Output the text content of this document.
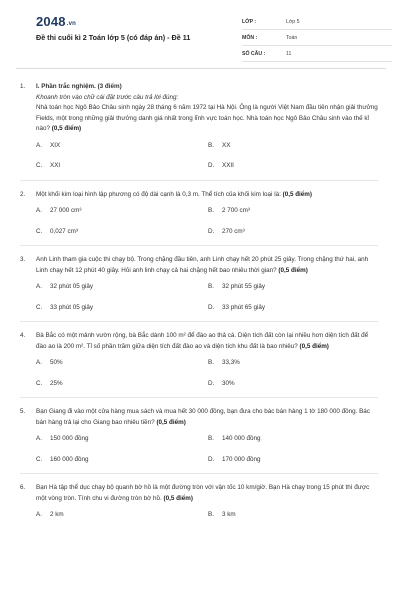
2048.vn
Đề thi cuối kì 2 Toán lớp 5 (có đáp án) - Đề 11
LỚP :	Lớp 5
MÔN :	Toán
SỐ CÂU :	11
1. I. Phần trắc nghiệm. (3 điểm)
Khoanh tròn vào chữ cái đặt trước câu trả lời đúng:
Nhà toán học Ngô Bảo Châu sinh ngày 28 tháng 6 năm 1972 tại Hà Nội. Ông là người Việt Nam đầu tiên nhận giải thưởng Fields, một trong những giải thưởng danh giá nhất trong lĩnh vực toán học. Nhà toán học Ngô Bảo Châu sinh vào thế kỉ nào? (0,5 điểm)
A. XIX	B. XX
C. XXI	D. XXII
2. Một khối kim loại hình lập phương có độ dài cạnh là 0,3 m. Thể tích của khối kim loại là: (0,5 điểm)
A. 27 000 cm³	B. 2 700 cm³
C. 0,027 cm³	D. 270 cm³
3. Anh Linh tham gia cuộc thi chạy bộ. Trong chặng đầu tiên, anh Linh chạy hết 20 phút 25 giây. Trong chặng thứ hai, anh Linh chạy hết 12 phút 40 giây. Hỏi anh linh chạy cả hai chặng hết bao nhiêu thời gian? (0,5 điểm)
A. 32 phút 05 giây	B. 32 phút 55 giây
C. 33 phút 05 giây	D. 33 phút 65 giây
4. Bà Bắc có một mảnh vườn rộng, bà Bắc dành 100 m² để đào ao thả cá. Diện tích đất còn lại nhiều hơn diện tích đất để đào ao là 200 m². Tỉ số phần trăm giữa diện tích đất đào ao và diện tích khu đất là bao nhiêu? (0,5 điểm)
A. 50%	B. 33,3%
C. 25%	D. 30%
5. Bạn Giang đi vào một cửa hàng mua sách và mua hết 30 000 đồng, bạn đưa cho bác bán hàng 1 tờ 180 000 đồng. Bác bán hàng trả lại cho Giang bao nhiêu tiền? (0,5 điểm)
A. 150 000 đồng	B. 140 000 đồng
C. 160 000 đồng	D. 170 000 đồng
6. Bạn Hà tập thể dục chạy bộ quanh bờ hồ là một đường tròn với vận tốc 10 km/giờ. Bạn Hà chạy trong 15 phút thì được một vòng tròn. Tính chu vi đường tròn bờ hồ. (0,5 điểm)
A. 2 km	B. 3 km
